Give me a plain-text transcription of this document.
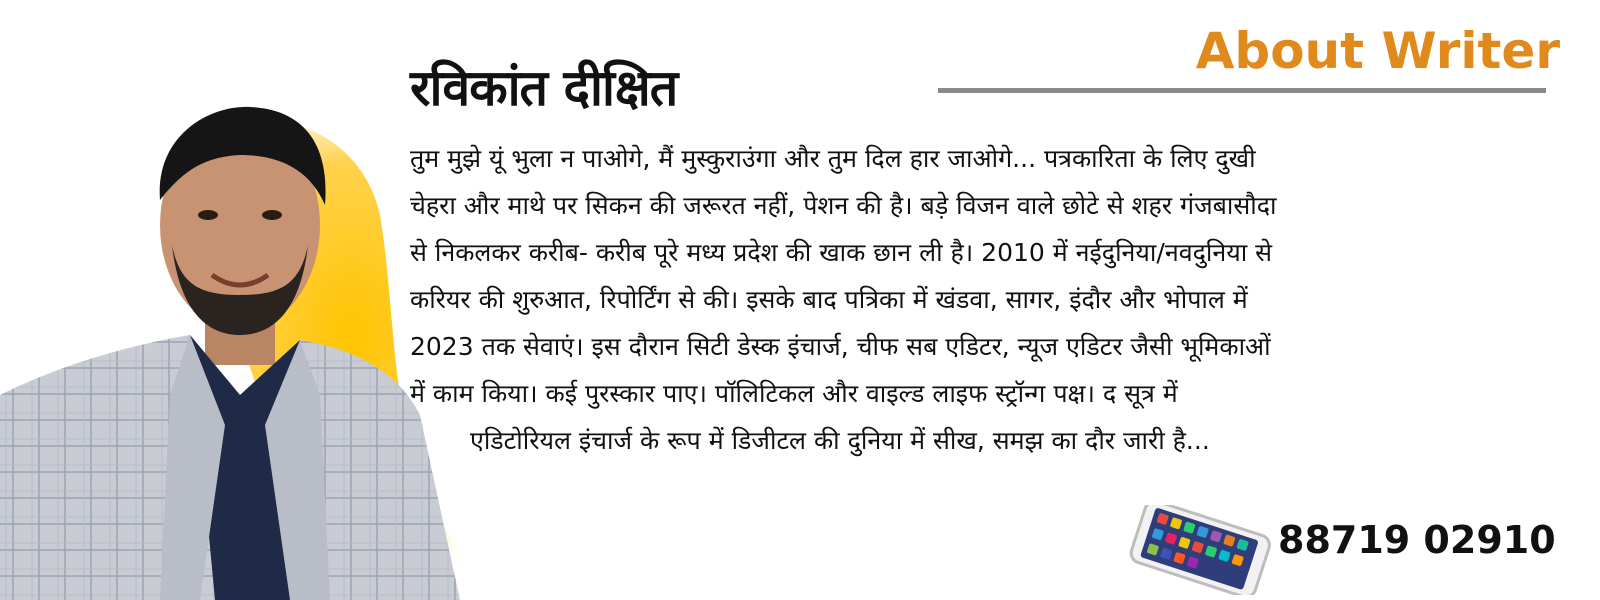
रविकांत दीक्षित
About Writer

तुम मुझे यूं भुला न पाओगे, मैं मुस्कुराउंगा और तुम दिल हार जाओगे... पत्रकारिता के लिए दुखी
चेहरा और माथे पर सिकन की जरूरत नहीं, पेशन की है। बड़े विजन वाले छोटे से शहर गंजबासौदा
से निकलकर करीब- करीब पूरे मध्य प्रदेश की खाक छान ली है। 2010 में नईदुनिया/नवदुनिया से
करियर की शुरुआत, रिपोर्टिंग से की। इसके बाद पत्रिका में खंडवा, सागर, इंदौर और भोपाल में
2023 तक सेवाएं। इस दौरान सिटी डेस्क इंचार्ज, चीफ सब एडिटर, न्यूज एडिटर जैसी भूमिकाओं
में काम किया। कई पुरस्कार पाए। पॉलिटिकल और वाइल्ड लाइफ स्ट्रॉन्ग पक्ष। द सूत्र में
एडिटोरियल इंचार्ज के रूप में डिजीटल की दुनिया में सीख, समझ का दौर जारी है...

88719 02910
